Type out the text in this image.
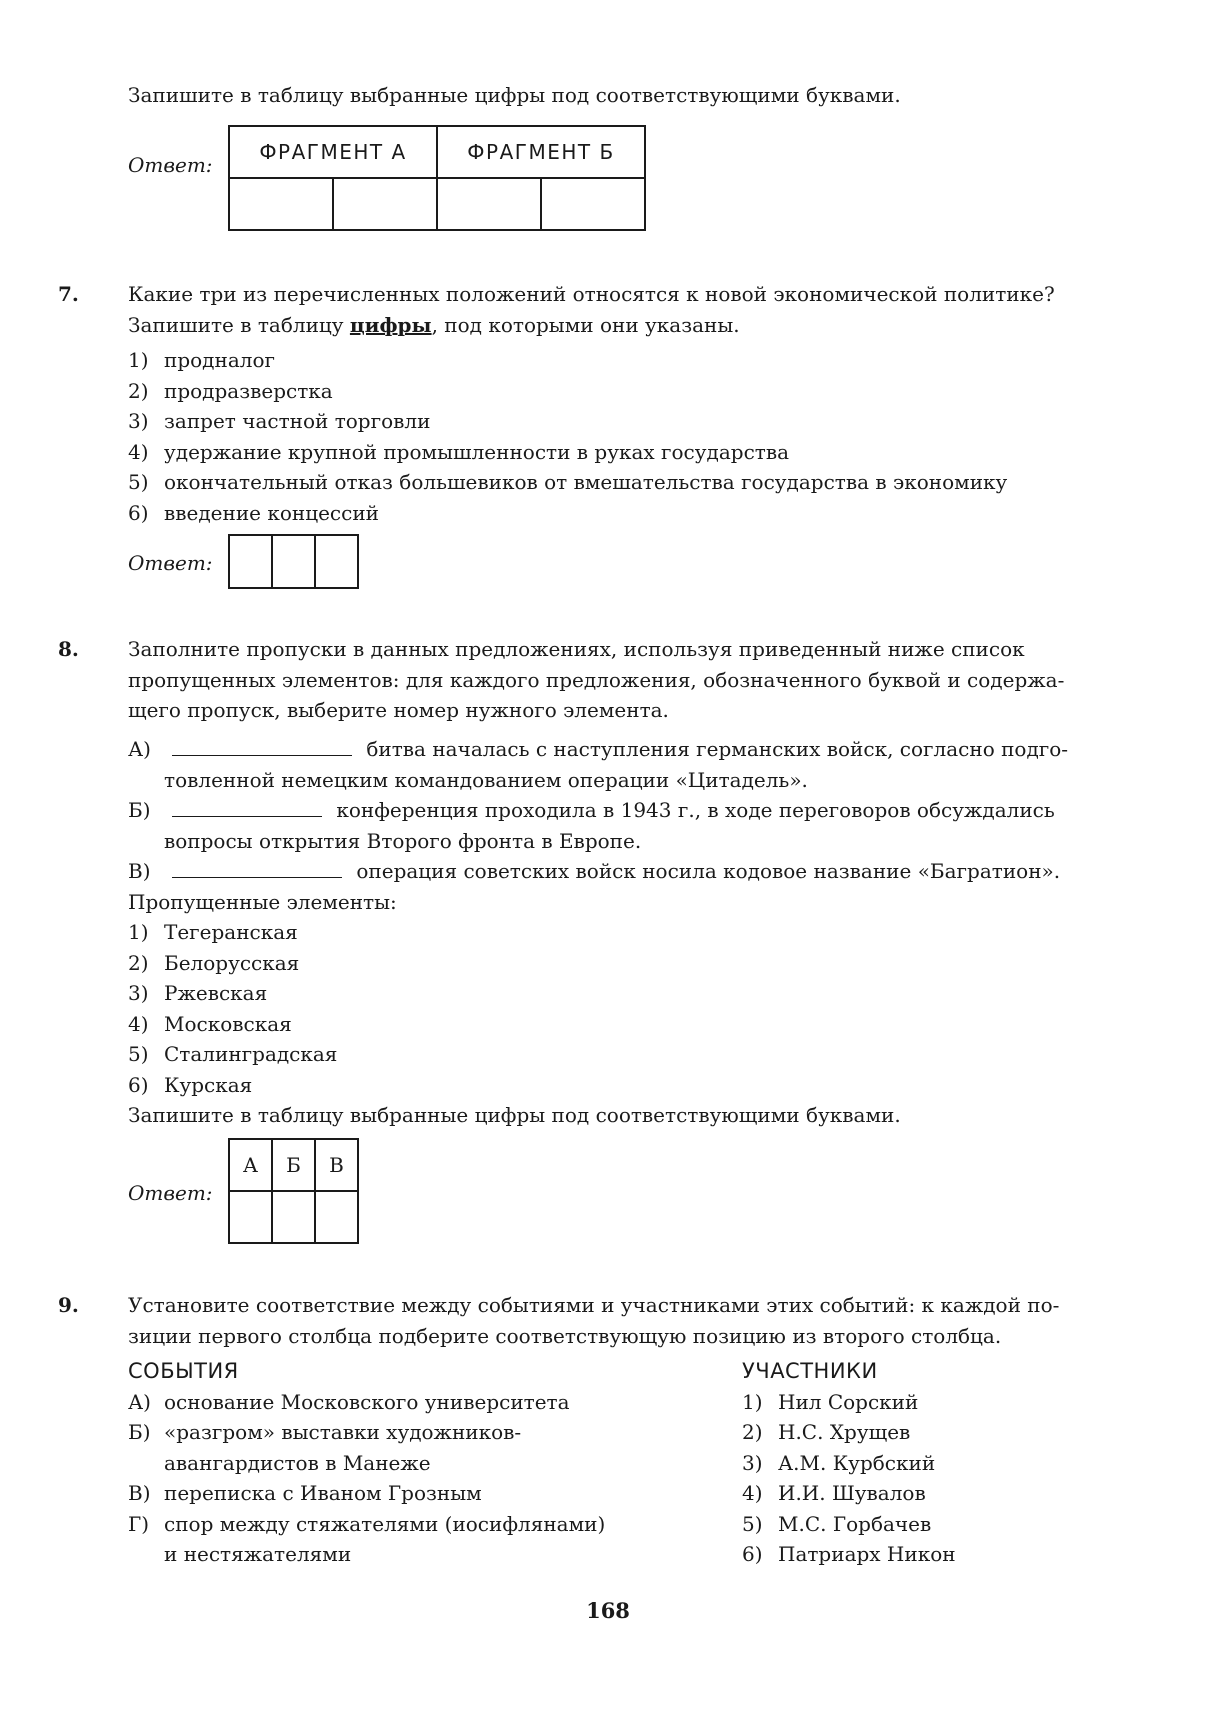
Запишите в таблицу выбранные цифры под соответствующими буквами.
Ответ:
ФРАГМЕНТ А		ФРАГМЕНТ Б	

7. Какие три из перечисленных положений относятся к новой экономической политике?
Запишите в таблицу цифры, под которыми они указаны.
1) продналог
2) продразверстка
3) запрет частной торговли
4) удержание крупной промышленности в руках государства
5) окончательный отказ большевиков от вмешательства государства в экономику
6) введение концессий
Ответ:

8. Заполните пропуски в данных предложениях, используя приведенный ниже список
пропущенных элементов: для каждого предложения, обозначенного буквой и содержа-
щего пропуск, выберите номер нужного элемента.
А)	битва началась с наступления германских войск, согласно подго-
товленной немецким командованием операции «Цитадель».
Б)	конференция проходила в 1943 г., в ходе переговоров обсуждались
вопросы открытия Второго фронта в Европе.
В)	операция советских войск носила кодовое название «Багратион».
Пропущенные элементы:
1) Тегеранская
2) Белорусская
3) Ржевская
4) Московская
5) Сталинградская
6) Курская
Запишите в таблицу выбранные цифры под соответствующими буквами.
Ответ:
А	Б	В

9. Установите соответствие между событиями и участниками этих событий: к каждой по-
зиции первого столбца подберите соответствующую позицию из второго столбца.
СОБЫТИЯ
А) основание Московского университета
Б) «разгром» выставки художников-
авангардистов в Манеже
В) переписка с Иваном Грозным
Г) спор между стяжателями (иосифлянами)
и нестяжателями
УЧАСТНИКИ
1) Нил Сорский
2) Н.С. Хрущев
3) А.М. Курбский
4) И.И. Шувалов
5) М.С. Горбачев
6) Патриарх Никон
168
